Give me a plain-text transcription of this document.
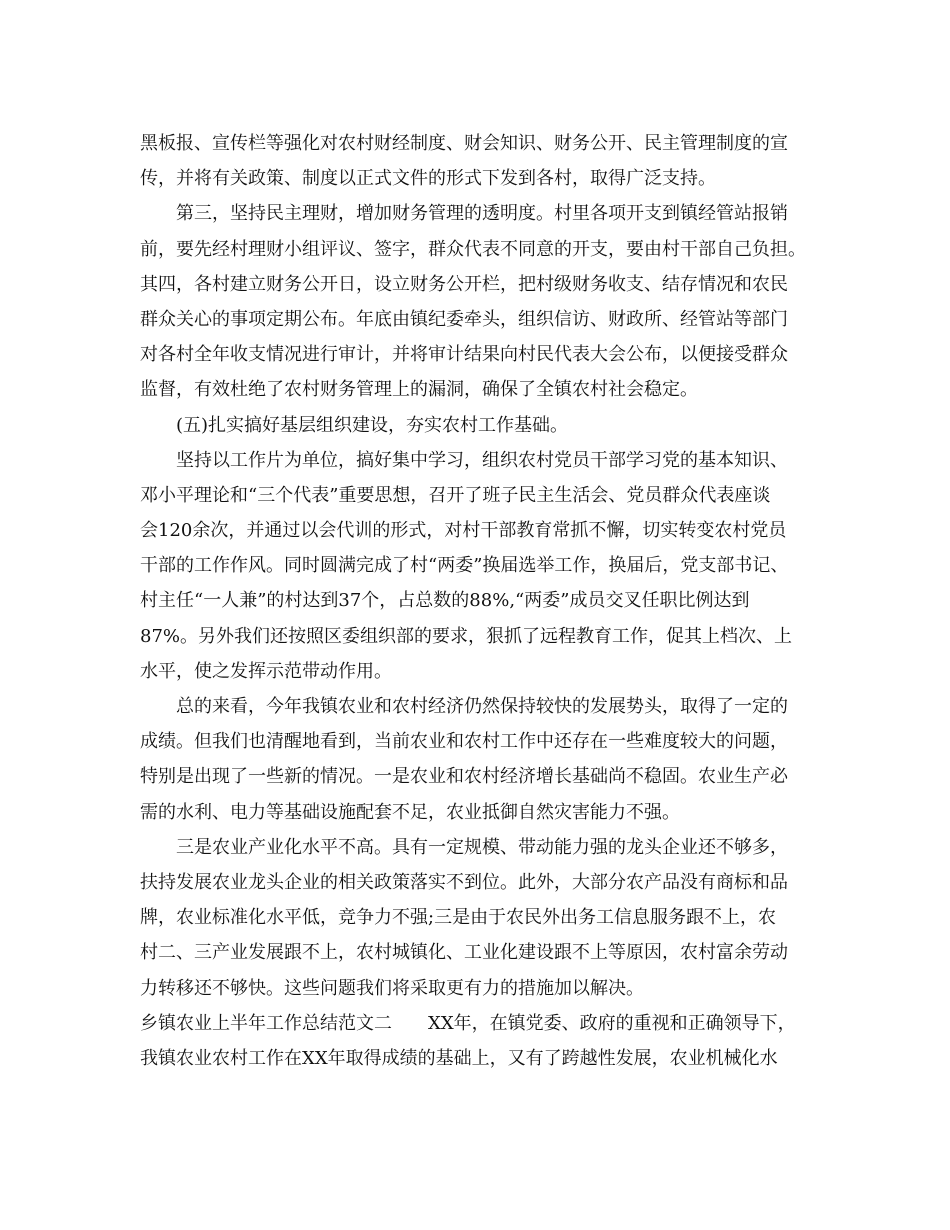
黑板报、宣传栏等强化对农村财经制度、财会知识、财务公开、民主管理制度的宣
传，并将有关政策、制度以正式文件的形式下发到各村，取得广泛支持。
第三，坚持民主理财，增加财务管理的透明度。村里各项开支到镇经管站报销
前，要先经村理财小组评议、签字，群众代表不同意的开支，要由村干部自己负担。
其四，各村建立财务公开日，设立财务公开栏，把村级财务收支、结存情况和农民
群众关心的事项定期公布。年底由镇纪委牵头，组织信访、财政所、经管站等部门
对各村全年收支情况进行审计，并将审计结果向村民代表大会公布，以便接受群众
监督，有效杜绝了农村财务管理上的漏洞，确保了全镇农村社会稳定。
(五)扎实搞好基层组织建设，夯实农村工作基础。
坚持以工作片为单位，搞好集中学习，组织农村党员干部学习党的基本知识、
邓小平理论和“三个代表”重要思想，召开了班子民主生活会、党员群众代表座谈
会120余次，并通过以会代训的形式，对村干部教育常抓不懈，切实转变农村党员
干部的工作作风。同时圆满完成了村“两委”换届选举工作，换届后，党支部书记、
村主任“一人兼”的村达到37个，占总数的88%,“两委”成员交叉任职比例达到
87%。另外我们还按照区委组织部的要求，狠抓了远程教育工作，促其上档次、上
水平，使之发挥示范带动作用。
总的来看，今年我镇农业和农村经济仍然保持较快的发展势头，取得了一定的
成绩。但我们也清醒地看到，当前农业和农村工作中还存在一些难度较大的问题，
特别是出现了一些新的情况。一是农业和农村经济增长基础尚不稳固。农业生产必
需的水利、电力等基础设施配套不足，农业抵御自然灾害能力不强。
三是农业产业化水平不高。具有一定规模、带动能力强的龙头企业还不够多，
扶持发展农业龙头企业的相关政策落实不到位。此外，大部分农产品没有商标和品
牌，农业标准化水平低，竞争力不强;三是由于农民外出务工信息服务跟不上，农
村二、三产业发展跟不上，农村城镇化、工业化建设跟不上等原因，农村富余劳动
力转移还不够快。这些问题我们将采取更有力的措施加以解决。
乡镇农业上半年工作总结范文二　　XX年，在镇党委、政府的重视和正确领导下，
我镇农业农村工作在XX年取得成绩的基础上，又有了跨越性发展，农业机械化水
